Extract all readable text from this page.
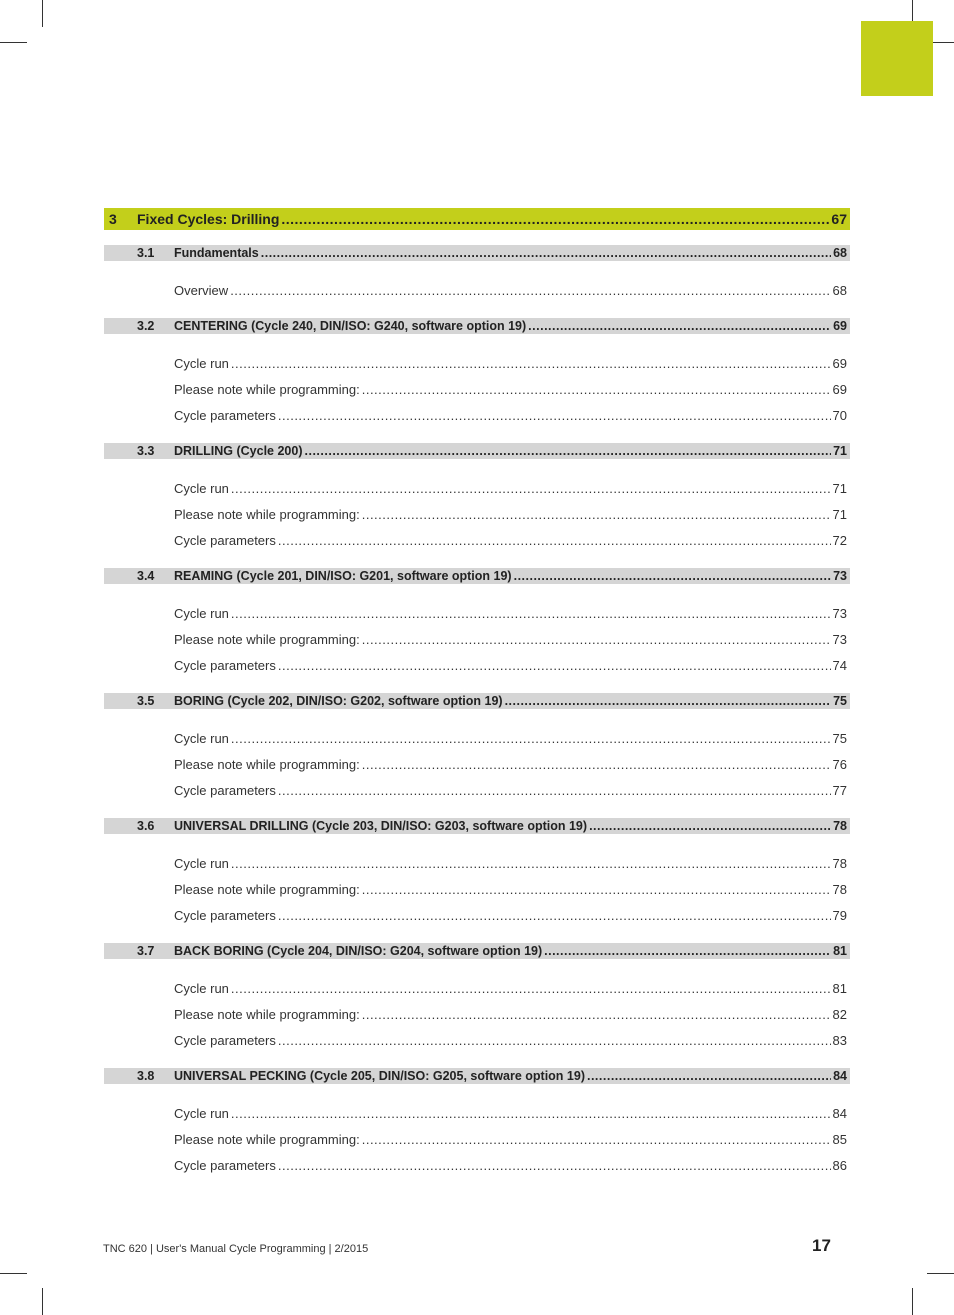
3	Fixed Cycles: Drilling .....	67
3.1	Fundamentals .....	68
Overview .....	68
3.2	CENTERING (Cycle 240, DIN/ISO: G240, software option 19) .....	69
Cycle run .....	69
Please note while programming: .....	69
Cycle parameters .....	70
3.3	DRILLING (Cycle 200) .....	71
Cycle run .....	71
Please note while programming: .....	71
Cycle parameters .....	72
3.4	REAMING (Cycle 201, DIN/ISO: G201, software option 19) .....	73
Cycle run .....	73
Please note while programming: .....	73
Cycle parameters .....	74
3.5	BORING (Cycle 202, DIN/ISO: G202, software option 19) .....	75
Cycle run .....	75
Please note while programming: .....	76
Cycle parameters .....	77
3.6	UNIVERSAL DRILLING (Cycle 203, DIN/ISO: G203, software option 19) .....	78
Cycle run .....	78
Please note while programming: .....	78
Cycle parameters .....	79
3.7	BACK BORING (Cycle 204, DIN/ISO: G204, software option 19) .....	81
Cycle run .....	81
Please note while programming: .....	82
Cycle parameters .....	83
3.8	UNIVERSAL PECKING (Cycle 205, DIN/ISO: G205, software option 19) .....	84
Cycle run .....	84
Please note while programming: .....	85
Cycle parameters .....	86
TNC 620 | User's Manual Cycle Programming | 2/2015	17
